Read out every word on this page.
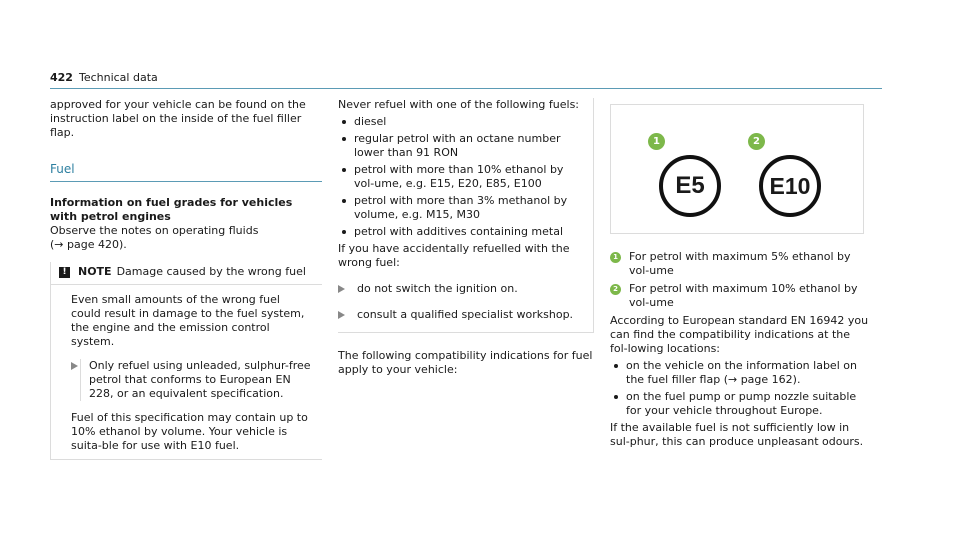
422 Technical data

approved for your vehicle can be found on the instruction label on the inside of the fuel filler flap.

Fuel

Information on fuel grades for vehicles with petrol engines

Observe the notes on operating fluids

(→ page 420).

!	NOTE Damage caused by the wrong fuel

Even small amounts of the wrong fuel could result in damage to the fuel system, the engine and the emission control system.

Only refuel using unleaded, sulphur-free petrol that conforms to European EN 228, or an equivalent specification.

Fuel of this specification may contain up to 10% ethanol by volume. Your vehicle is suita-ble for use with E10 fuel.

Never refuel with one of the following fuels:

diesel
regular petrol with an octane number lower than 91 RON
petrol with more than 10% ethanol by vol-ume, e.g. E15, E20, E85, E100
petrol with more than 3% methanol by volume, e.g. M15, M30
petrol with additives containing metal

If you have accidentally refuelled with the wrong fuel:

do not switch the ignition on.
consult a qualified specialist workshop.

The following compatibility indications for fuel apply to your vehicle:

1	2
E5	E10
1 For petrol with maximum 5% ethanol by vol-ume
2 For petrol with maximum 10% ethanol by vol-ume

According to European standard EN 16942 you can find the compatibility indications at the fol-lowing locations:

on the vehicle on the information label on the fuel filler flap (→ page 162).
on the fuel pump or pump nozzle suitable for your vehicle throughout Europe.

If the available fuel is not sufficiently low in sul-phur, this can produce unpleasant odours.
